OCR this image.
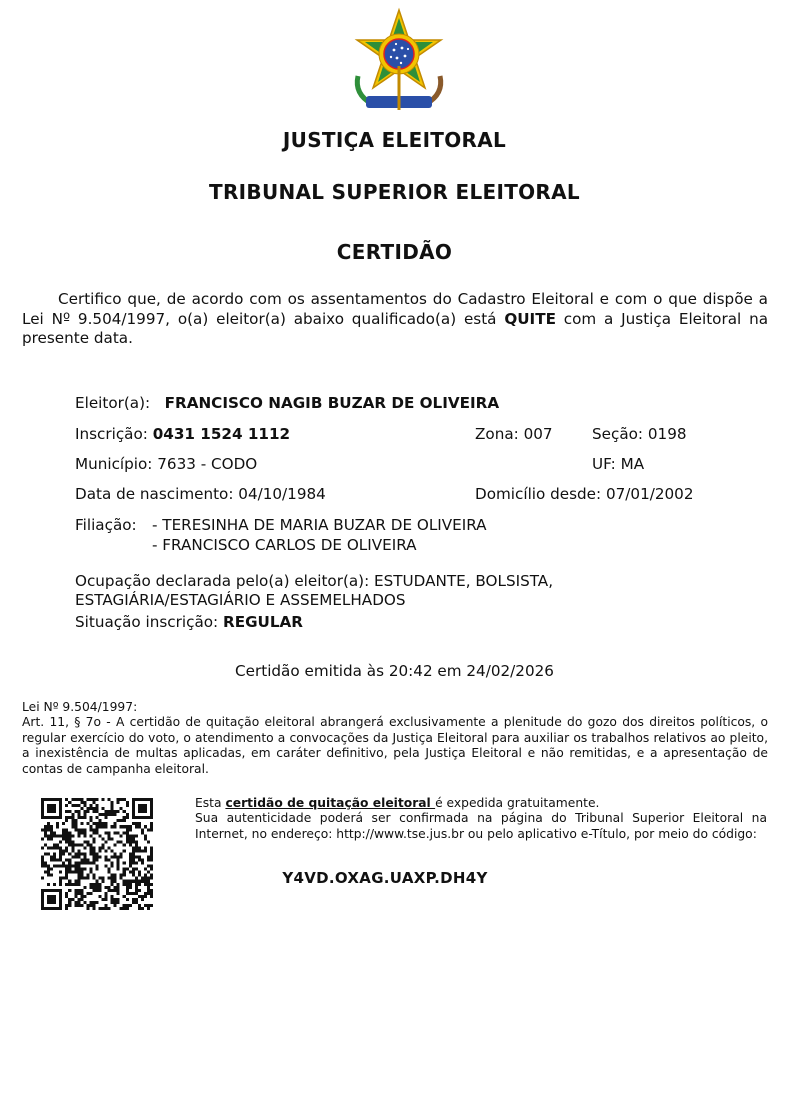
JUSTIÇA ELEITORAL
TRIBUNAL SUPERIOR ELEITORAL
CERTIDÃO
Certifico que, de acordo com os assentamentos do Cadastro Eleitoral e com o que dispõe a Lei Nº 9.504/1997, o(a) eleitor(a) abaixo qualificado(a) está QUITE com a Justiça Eleitoral na presente data.
Eleitor(a): FRANCISCO NAGIB BUZAR DE OLIVEIRA
Inscrição: 0431 1524 1112	Zona: 007	Seção: 0198
Município: 7633 - CODO	UF: MA
Data de nascimento: 04/10/1984	Domicílio desde: 07/01/2002
Filiação: - TERESINHA DE MARIA BUZAR DE OLIVEIRA
- FRANCISCO CARLOS DE OLIVEIRA
Ocupação declarada pelo(a) eleitor(a): ESTUDANTE, BOLSISTA,
ESTAGIÁRIA/ESTAGIÁRIO E ASSEMELHADOS
Situação inscrição: REGULAR
Certidão emitida às 20:42 em 24/02/2026
Lei Nº 9.504/1997:
Art. 11, § 7o - A certidão de quitação eleitoral abrangerá exclusivamente a plenitude do gozo dos direitos políticos, o regular exercício do voto, o atendimento a convocações da Justiça Eleitoral para auxiliar os trabalhos relativos ao pleito, a inexistência de multas aplicadas, em caráter definitivo, pela Justiça Eleitoral e não remitidas, e a apresentação de contas de campanha eleitoral.
Esta certidão de quitação eleitoral é expedida gratuitamente.
Sua autenticidade poderá ser confirmada na página do Tribunal Superior Eleitoral na Internet, no endereço: http://www.tse.jus.br ou pelo aplicativo e-Título, por meio do código:
Y4VD.OXAG.UAXP.DH4Y
